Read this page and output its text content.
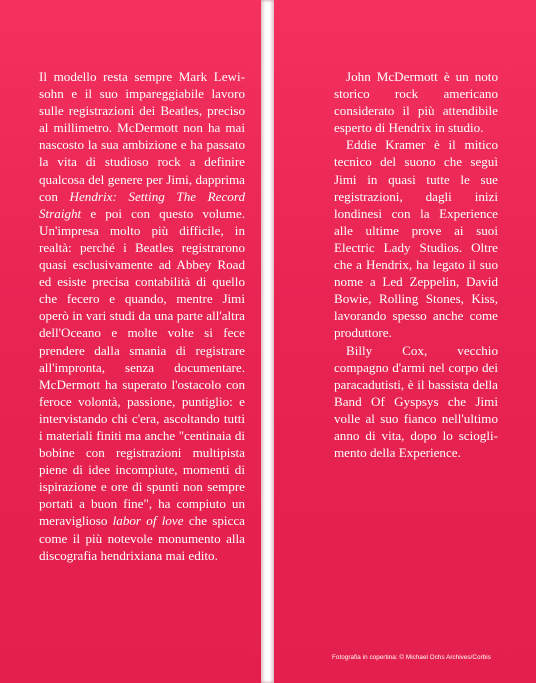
Il modello resta sempre Mark Lewisohn e il suo impareggiabile lavoro sulle registrazioni dei Beatles, preciso al millimetro. McDermott non ha mai nascosto la sua ambizione e ha passato la vita di studioso rock a definire qualcosa del genere per Jimi, dapprima con Hendrix: Setting The Record Straight e poi con questo volume. Un'impresa molto più difficile, in realtà: perché i Beatles registrarono quasi esclusivamente ad Abbey Road ed esiste precisa contabilità di quello che fecero e quando, mentre Jimi operò in vari studi da una parte all'altra dell'Oceano e molte volte si fece prendere dalla smania di registrare all'impronta, senza documentare. McDermott ha superato l'ostacolo con feroce volontà, passione, puntiglio: e intervistando chi c'era, ascoltando tutti i materiali finiti ma anche "centinaia di bobine con registrazioni multipista piene di idee incompiute, momenti di ispirazione e ore di spunti non sempre portati a buon fine", ha compiuto un meraviglioso labor of love che spicca come il più notevole monumento alla discografia hendrixiana mai edito.

John McDermott è un noto storico rock americano considerato il più attendibile esperto di Hendrix in studio.

Eddie Kramer è il mitico tecnico del suono che seguì Jimi in quasi tutte le sue registrazioni, dagli inizi londinesi con la Experience alle ultime prove ai suoi Electric Lady Studios. Oltre che a Hendrix, ha legato il suo nome a Led Zeppelin, David Bowie, Rolling Stones, Kiss, lavorando spesso anche come produttore.

Billy Cox, vecchio compagno d'armi nel corpo dei paracadutisti, è il bassista della Band Of Gyspsys che Jimi volle al suo fianco nell'ultimo anno di vita, dopo lo scioglimento della Experience.

Fotografia in copertina: © Michael Ochs Archives/Corbis
